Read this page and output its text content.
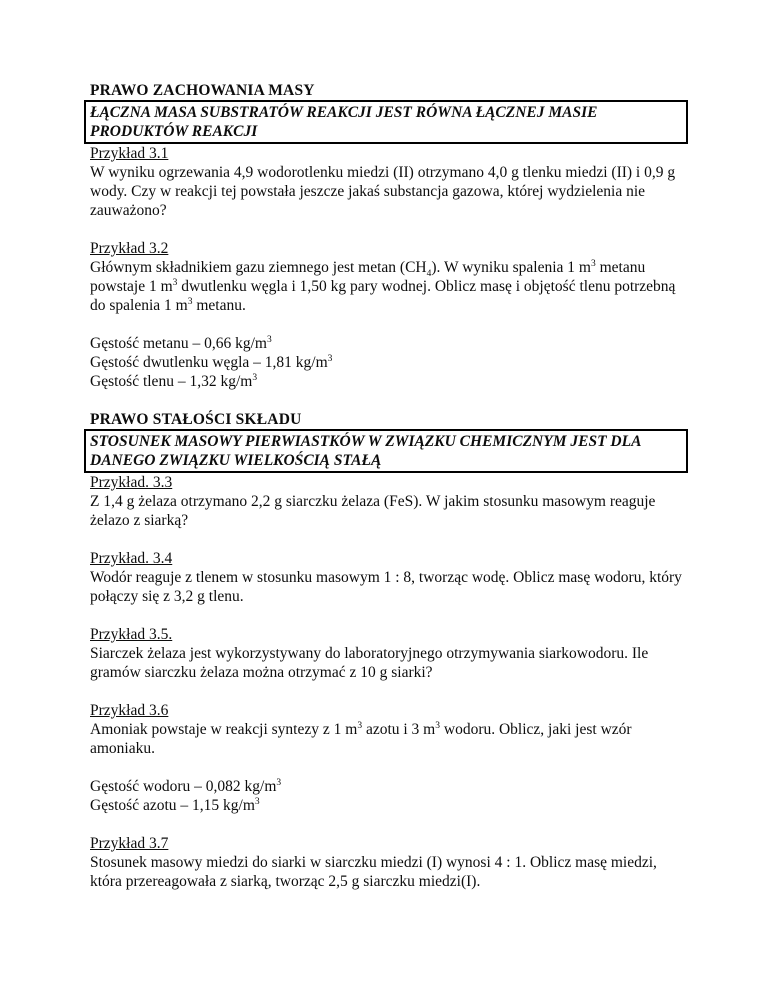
PRAWO ZACHOWANIA MASY
ŁĄCZNA MASA SUBSTRATÓW REAKCJI JEST RÓWNA ŁĄCZNEJ MASIE PRODUKTÓW REAKCJI
Przykład 3.1

W wyniku ogrzewania 4,9 wodorotlenku miedzi (II) otrzymano 4,0 g tlenku miedzi (II) i 0,9 g wody. Czy w reakcji tej powstała jeszcze jakaś substancja gazowa, której wydzielenia nie zauważono?

Przykład 3.2

Głównym składnikiem gazu ziemnego jest metan $(CH_4)$. W wyniku spalenia 1 $m^3$ metanu powstaje 1 $m^3$ dwutlenku węgla i 1,50 kg pary wodnej. Oblicz masę i objętość tlenu potrzebną do spalenia 1 $m^3$ metanu.

Gęstość metanu – 0,66 $kg/m^3$

Gęstość dwutlenku węgla – 1,81 $kg/m^3$

Gęstość tlenu – 1,32 $kg/m^3$

PRAWO STAŁOŚCI SKŁADU
STOSUNEK MASOWY PIERWIASTKÓW W ZWIĄZKU CHEMICZNYM JEST DLA DANEGO ZWIĄZKU WIELKOŚCIĄ STAŁĄ
Przykład. 3.3

Z 1,4 g żelaza otrzymano 2,2 g siarczku żelaza (FeS). W jakim stosunku masowym reaguje żelazo z siarką?

Przykład. 3.4

Wodór reaguje z tlenem w stosunku masowym 1 : 8, tworząc wodę. Oblicz masę wodoru, który połączy się z 3,2 g tlenu.

Przykład 3.5.

Siarczek żelaza jest wykorzystywany do laboratoryjnego otrzymywania siarkowodoru. Ile gramów siarczku żelaza można otrzymać z 10 g siarki?

Przykład 3.6

Amoniak powstaje w reakcji syntezy z 1 $m^3$ azotu i 3 $m^3$ wodoru. Oblicz, jaki jest wzór amoniaku.

Gęstość wodoru – 0,082 $kg/m^3$

Gęstość azotu – 1,15 $kg/m^3$

Przykład 3.7

Stosunek masowy miedzi do siarki w siarczku miedzi (I) wynosi 4 : 1. Oblicz masę miedzi, która przereagowała z siarką, tworząc 2,5 g siarczku miedzi(I).
